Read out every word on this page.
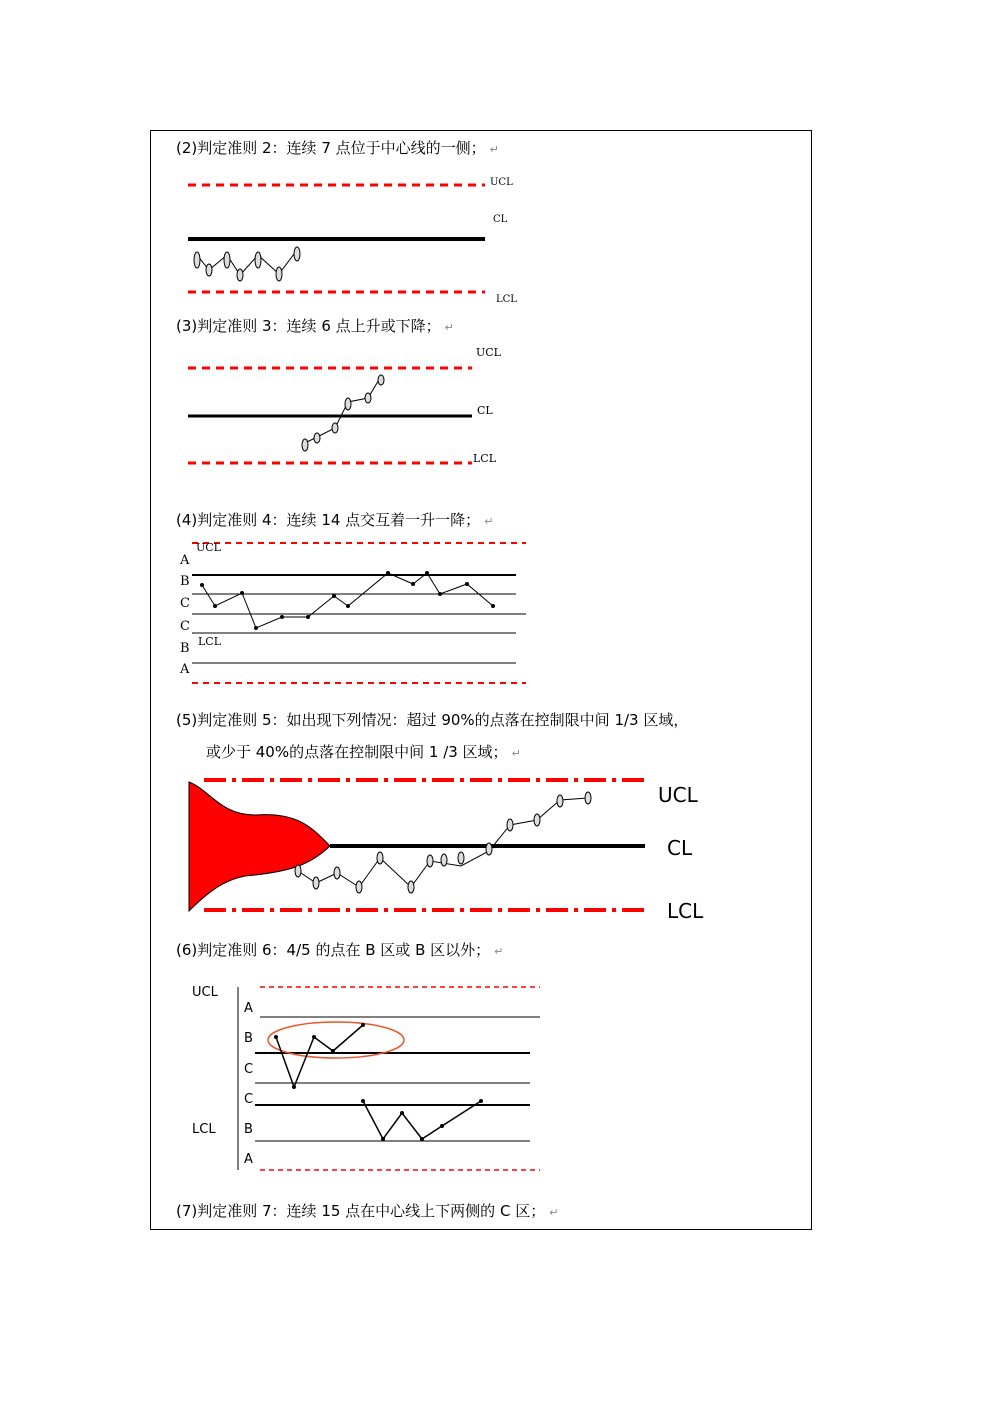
(2)判定准则 2：连续 7 点位于中心线的一侧； ↵
UCL
CL
LCL
(3)判定准则 3：连续 6 点上升或下降； ↵
UCL
CL
LCL
(4)判定准则 4：连续 14 点交互着一升一降； ↵
UCL
A
B
C
C
B
A
LCL
(5)判定准则 5：如出现下列情况：超过 90%的点落在控制限中间 1/3 区域，
或少于 40%的点落在控制限中间 1 /3 区域； ↵
UCL
CL
LCL
(6)判定准则 6：4/5 的点在 B 区或 B 区以外； ↵
UCL
LCL
A
B
C
C
B
A
(7)判定准则 7：连续 15 点在中心线上下两侧的 C 区； ↵
